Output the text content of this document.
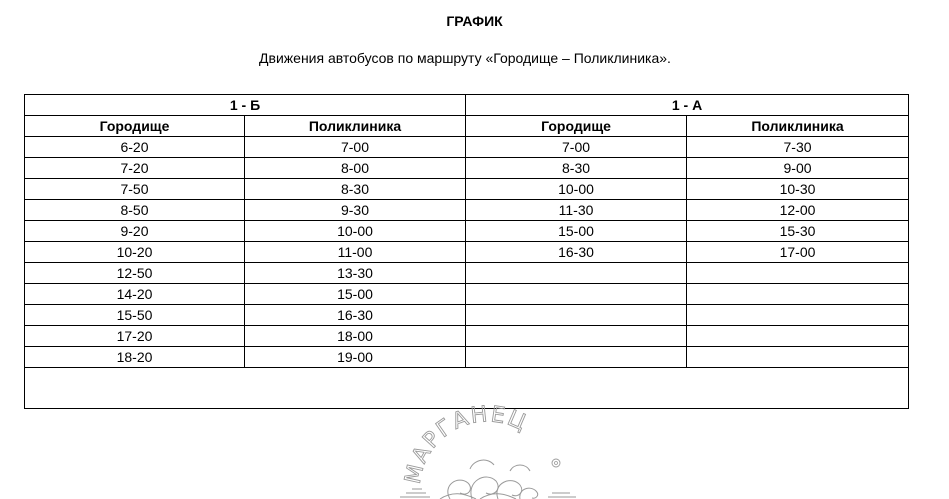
ГРАФИК
Движения автобусов по маршруту «Городище – Поликлиника».
1 - Б		1 - А	
Городище	Поликлиника	Городище	Поликлиника
6-20	7-00	7-00	7-30
7-20	8-00	8-30	9-00
7-50	8-30	10-00	10-30
8-50	9-30	11-30	12-00
9-20	10-00	15-00	15-30
10-20	11-00	16-30	17-00
12-50	13-30		
14-20	15-00		
15-50	16-30		
17-20	18-00		
18-20	19-00		

МАРГАНЕЦ
